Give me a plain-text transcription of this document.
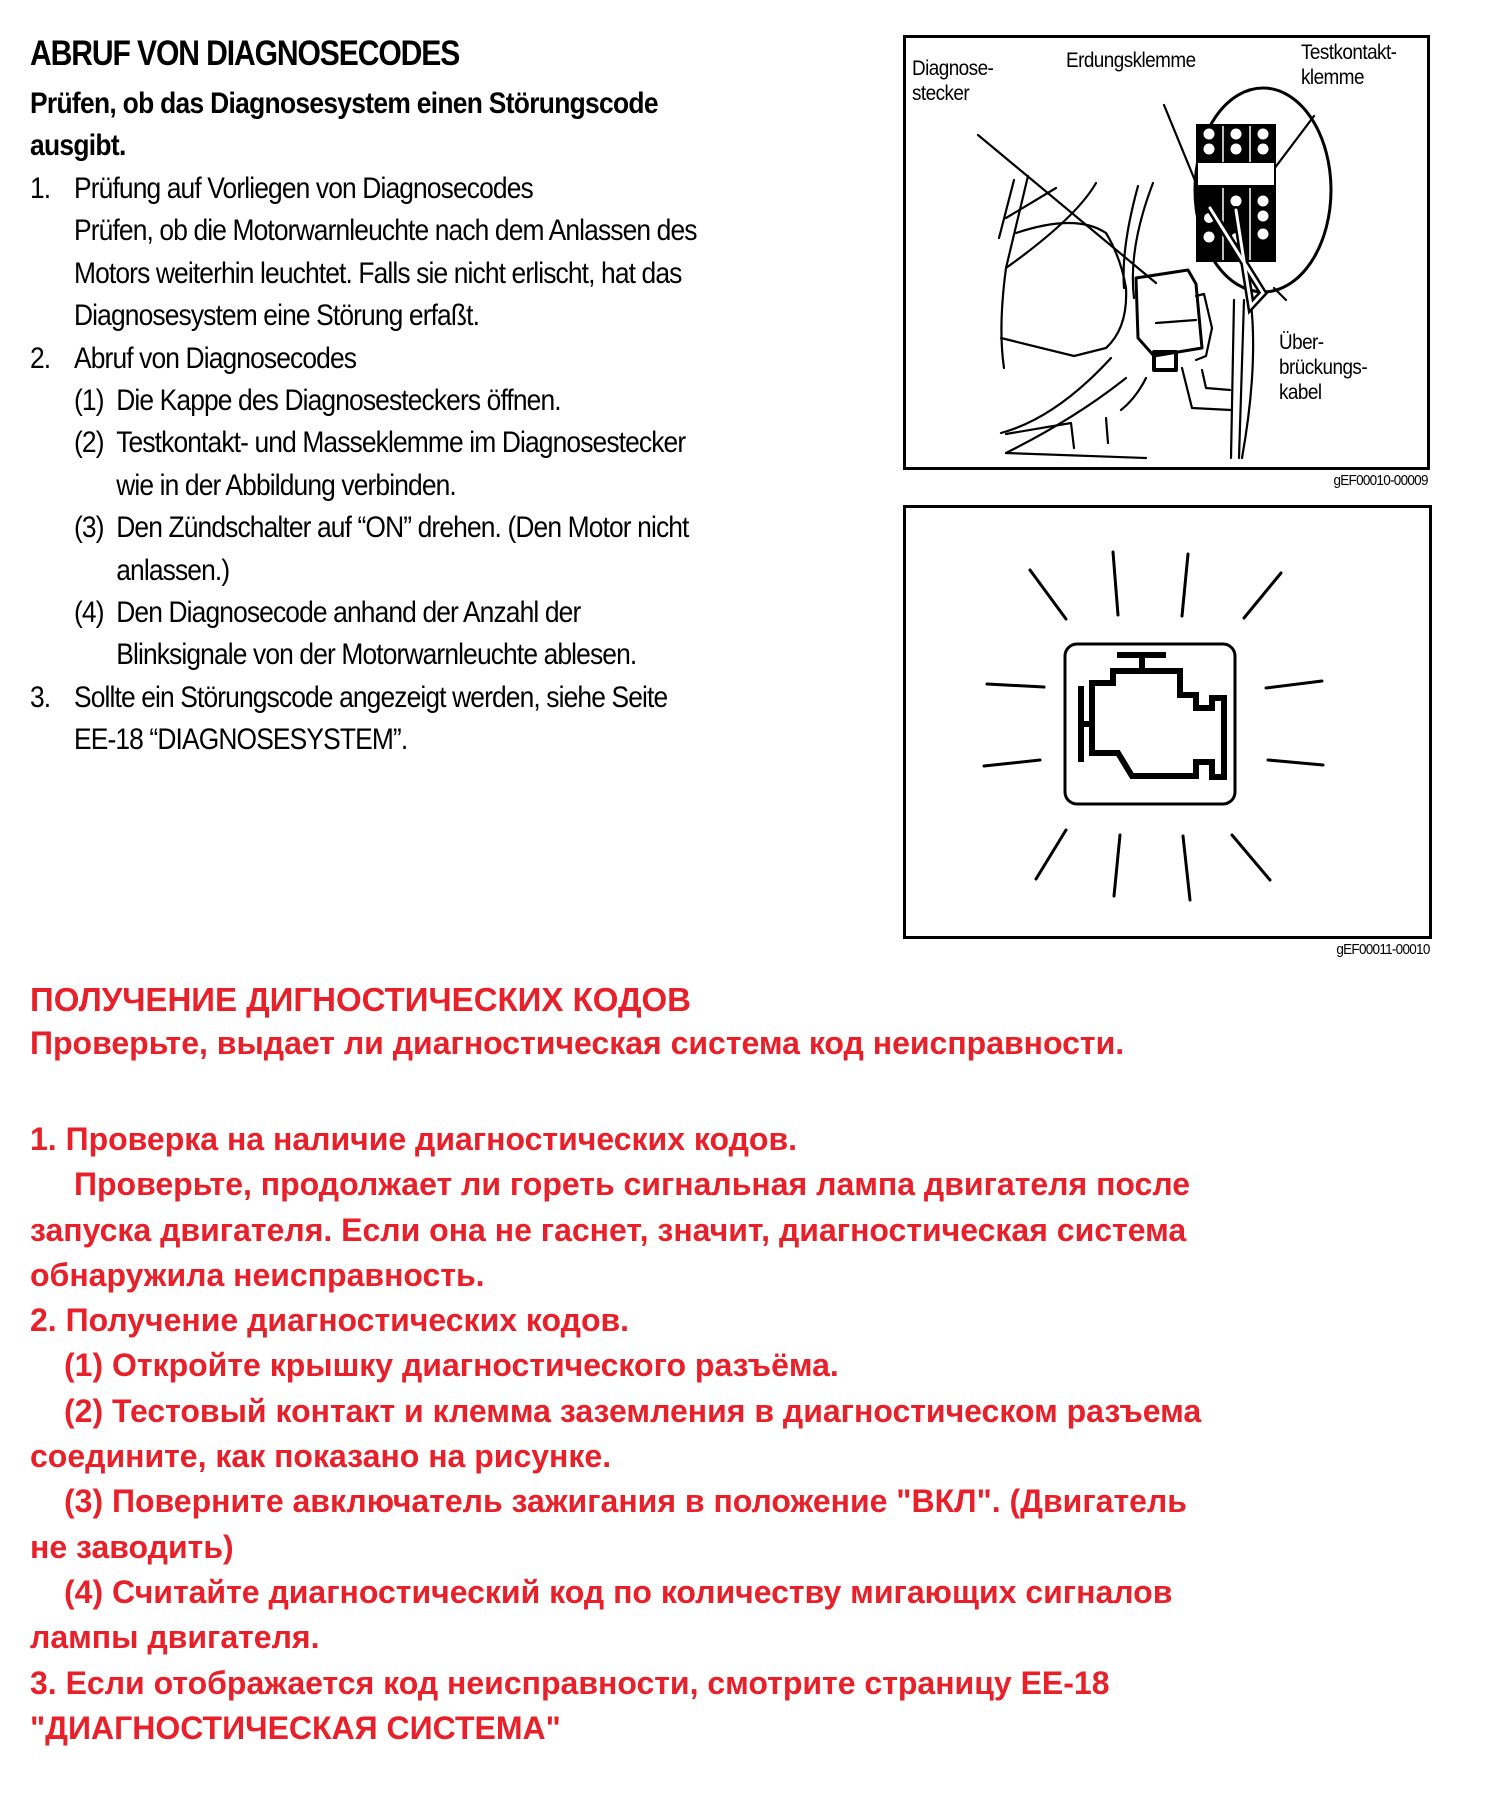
ABRUF VON DIAGNOSECODES
Prüfen, ob das Diagnosesystem einen Störungscode
ausgibt.
1. Prüfung auf Vorliegen von Diagnosecodes
Prüfen, ob die Motorwarnleuchte nach dem Anlassen des
Motors weiterhin leuchtet. Falls sie nicht erlischt, hat das
Diagnosesystem eine Störung erfaßt.
2. Abruf von Diagnosecodes
(1) Die Kappe des Diagnosesteckers öffnen.
(2) Testkontakt- und Masseklemme im Diagnosestecker
wie in der Abbildung verbinden.
(3) Den Zündschalter auf “ON” drehen. (Den Motor nicht
anlassen.)
(4) Den Diagnosecode anhand der Anzahl der
Blinksignale von der Motorwarnleuchte ablesen.
3. Sollte ein Störungscode angezeigt werden, siehe Seite
EE-18 “DIAGNOSESYSTEM”.
Diagnose-
stecker
Erdungsklemme	Testkontakt-
klemme
Über-
brückungs-
kabel
gEF00010-00009
gEF00011-00010
ПОЛУЧЕНИЕ ДИГНОСТИЧЕСКИХ КОДОВ
Проверьте, выдает ли диагностическая система код неисправности.
1. Проверка на наличие диагностических кодов.
Проверьте, продолжает ли гореть сигнальная лампа двигателя после
запуска двигателя. Если она не гаснет, значит, диагностическая система
обнаружила неисправность.
2. Получение диагностических кодов.
(1) Откройте крышку диагностического разъёма.
(2) Тестовый контакт и клемма заземления в диагностическом разъема
соедините, как показано на рисунке.
(3) Поверните авключатель зажигания в положение "ВКЛ". (Двигатель
не заводить)
(4) Считайте диагностический код по количеству мигающих сигналов
лампы двигателя.
3. Если отображается код неисправности, смотрите страницу EE-18
"ДИАГНОСТИЧЕСКАЯ СИСТЕМА"
